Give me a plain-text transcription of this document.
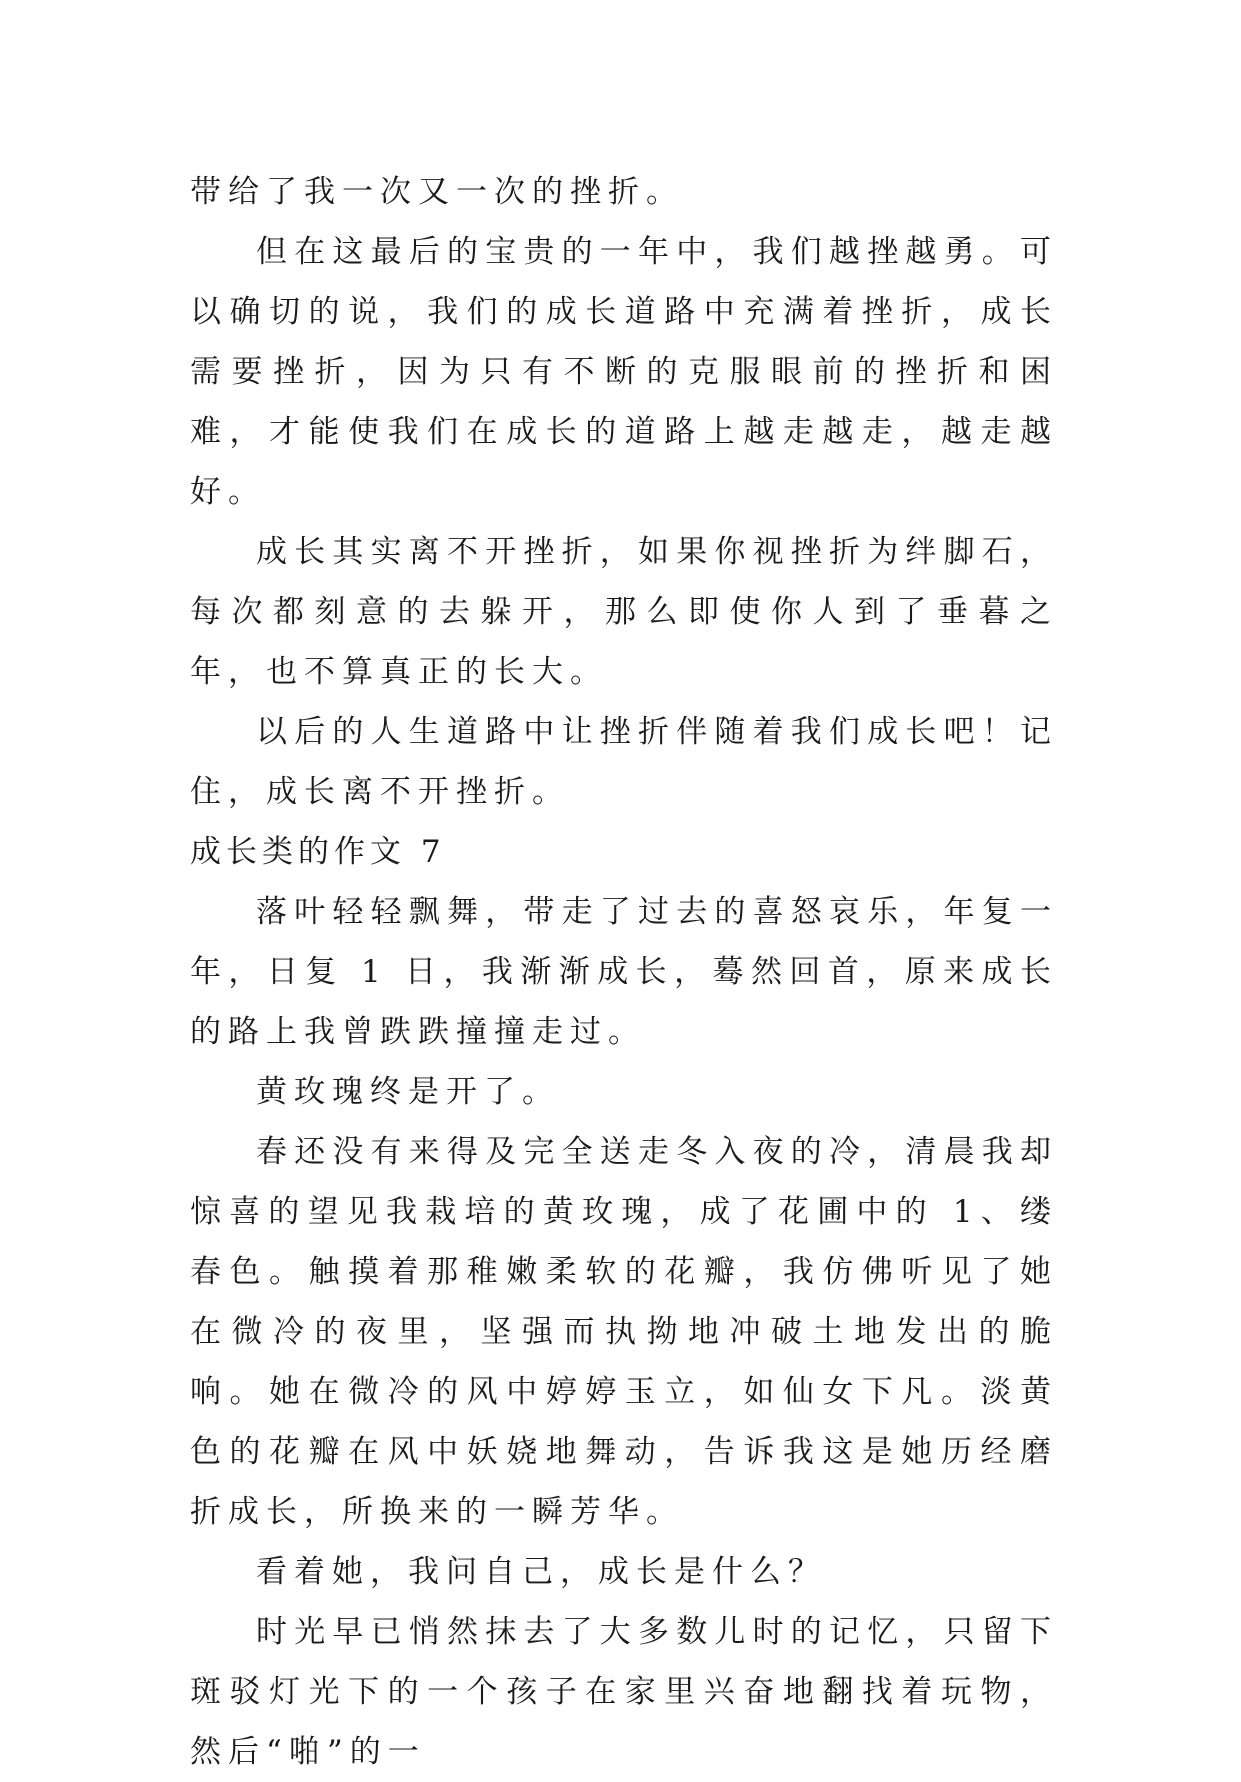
带给了我一次又一次的挫折。

但在这最后的宝贵的一年中，我们越挫越勇。可以确切的说，我们的成长道路中充满着挫折，成长需要挫折，因为只有不断的克服眼前的挫折和困难，才能使我们在成长的道路上越走越走，越走越好。

成长其实离不开挫折，如果你视挫折为绊脚石，每次都刻意的去躲开，那么即使你人到了垂暮之年，也不算真正的长大。

以后的人生道路中让挫折伴随着我们成长吧！记住，成长离不开挫折。

成长类的作文 7

落叶轻轻飘舞，带走了过去的喜怒哀乐，年复一年，日复 1 日，我渐渐成长，蓦然回首，原来成长的路上我曾跌跌撞撞走过。

黄玫瑰终是开了。

春还没有来得及完全送走冬入夜的冷，清晨我却惊喜的望见我栽培的黄玫瑰，成了花圃中的 1、缕春色。触摸着那稚嫩柔软的花瓣，我仿佛听见了她在微冷的夜里，坚强而执拗地冲破土地发出的脆响。她在微冷的风中婷婷玉立，如仙女下凡。淡黄色的花瓣在风中妖娆地舞动，告诉我这是她历经磨折成长，所换来的一瞬芳华。

看着她，我问自己，成长是什么？

时光早已悄然抹去了大多数儿时的记忆，只留下斑驳灯光下的一个孩子在家里兴奋地翻找着玩物，然后“啪”的一
